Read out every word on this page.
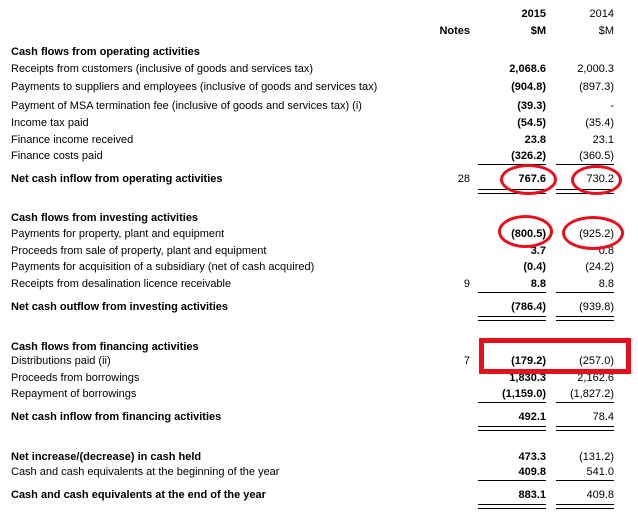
2015	2014
Notes	$M	$M
Cash flows from operating activities
Receipts from customers (inclusive of goods and services tax)	2,068.6	2,000.3
Payments to suppliers and employees (inclusive of goods and services tax)	(904.8)	(897.3)
Payment of MSA termination fee (inclusive of goods and services tax) (i)	(39.3)	-
Income tax paid	(54.5)	(35.4)
Finance income received	23.8	23.1
Finance costs paid	(326.2)	(360.5)
Net cash inflow from operating activities	28	767.6	730.2
Cash flows from investing activities
Payments for property, plant and equipment	(800.5)	(925.2)
Proceeds from sale of property, plant and equipment	3.7	0.8
Payments for acquisition of a subsidiary (net of cash acquired)	(0.4)	(24.2)
Receipts from desalination licence receivable	9	8.8	8.8
Net cash outflow from investing activities	(786.4)	(939.8)
Cash flows from financing activities
Distributions paid (ii)	7	(179.2)	(257.0)
Proceeds from borrowings	1,830.3	2,162.6
Repayment of borrowings	(1,159.0)	(1,827.2)
Net cash inflow from financing activities	492.1	78.4
Net increase/(decrease) in cash held	473.3	(131.2)
Cash and cash equivalents at the beginning of the year	409.8	541.0
Cash and cash equivalents at the end of the year	883.1	409.8
